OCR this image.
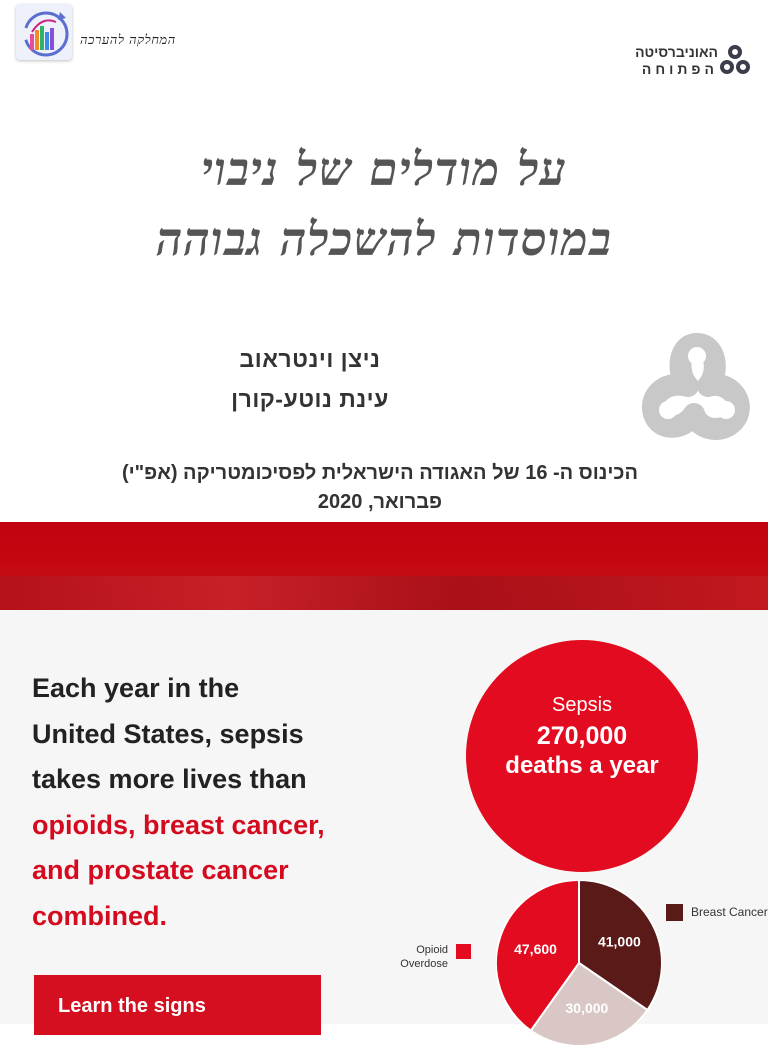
המחלקה להערכה
האוניברסיטה
הפתוחה
על מודלים של ניבוי
במוסדות להשכלה גבוהה
ניצן וינטראוב
עינת נוטע-קורן
הכינוס ה- 16 של האגודה הישראלית לפסיכומטריקה (אפ"י)
פברואר, 2020
Each year in the
United States, sepsis
takes more lives than
opioids, breast cancer,
and prostate cancer
combined.
Learn the signs
Sepsis
270,000
deaths a year
41,000
30,000
47,600
Breast Cancer
Opioid Overdose
